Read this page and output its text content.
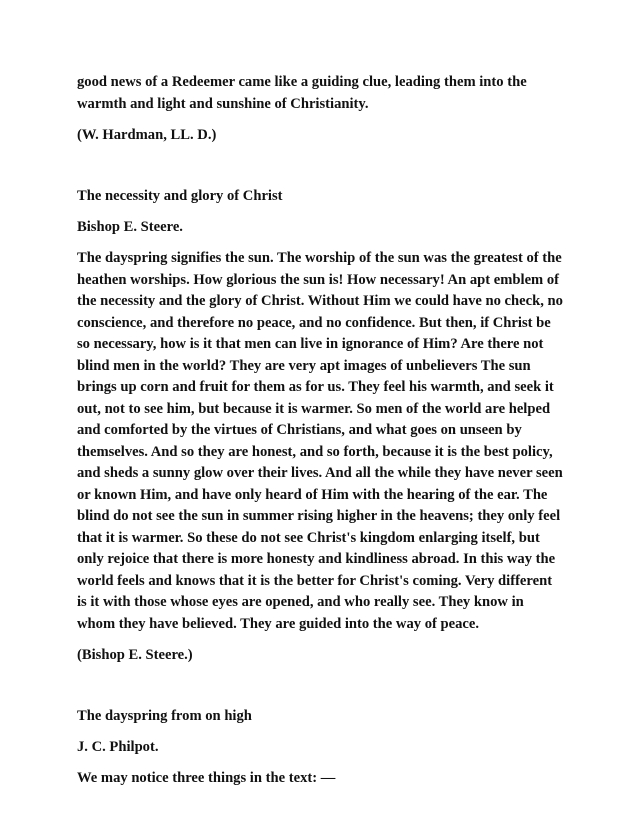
good news of a Redeemer came like a guiding clue, leading them into the
warmth and light and sunshine of Christianity.
(W. Hardman, LL. D.)
The necessity and glory of Christ
Bishop E. Steere.
The dayspring signifies the sun. The worship of the sun was the greatest of the
heathen worships. How glorious the sun is! How necessary! An apt emblem of
the necessity and the glory of Christ. Without Him we could have no check, no
conscience, and therefore no peace, and no confidence. But then, if Christ be
so necessary, how is it that men can live in ignorance of Him? Are there not
blind men in the world? They are very apt images of unbelievers The sun
brings up corn and fruit for them as for us. They feel his warmth, and seek it
out, not to see him, but because it is warmer. So men of the world are helped
and comforted by the virtues of Christians, and what goes on unseen by
themselves. And so they are honest, and so forth, because it is the best policy,
and sheds a sunny glow over their lives. And all the while they have never seen
or known Him, and have only heard of Him with the hearing of the ear. The
blind do not see the sun in summer rising higher in the heavens; they only feel
that it is warmer. So these do not see Christ's kingdom enlarging itself, but
only rejoice that there is more honesty and kindliness abroad. In this way the
world feels and knows that it is the better for Christ's coming. Very different
is it with those whose eyes are opened, and who really see. They know in
whom they have believed. They are guided into the way of peace.
(Bishop E. Steere.)
The dayspring from on high
J. C. Philpot.
We may notice three things in the text: —
